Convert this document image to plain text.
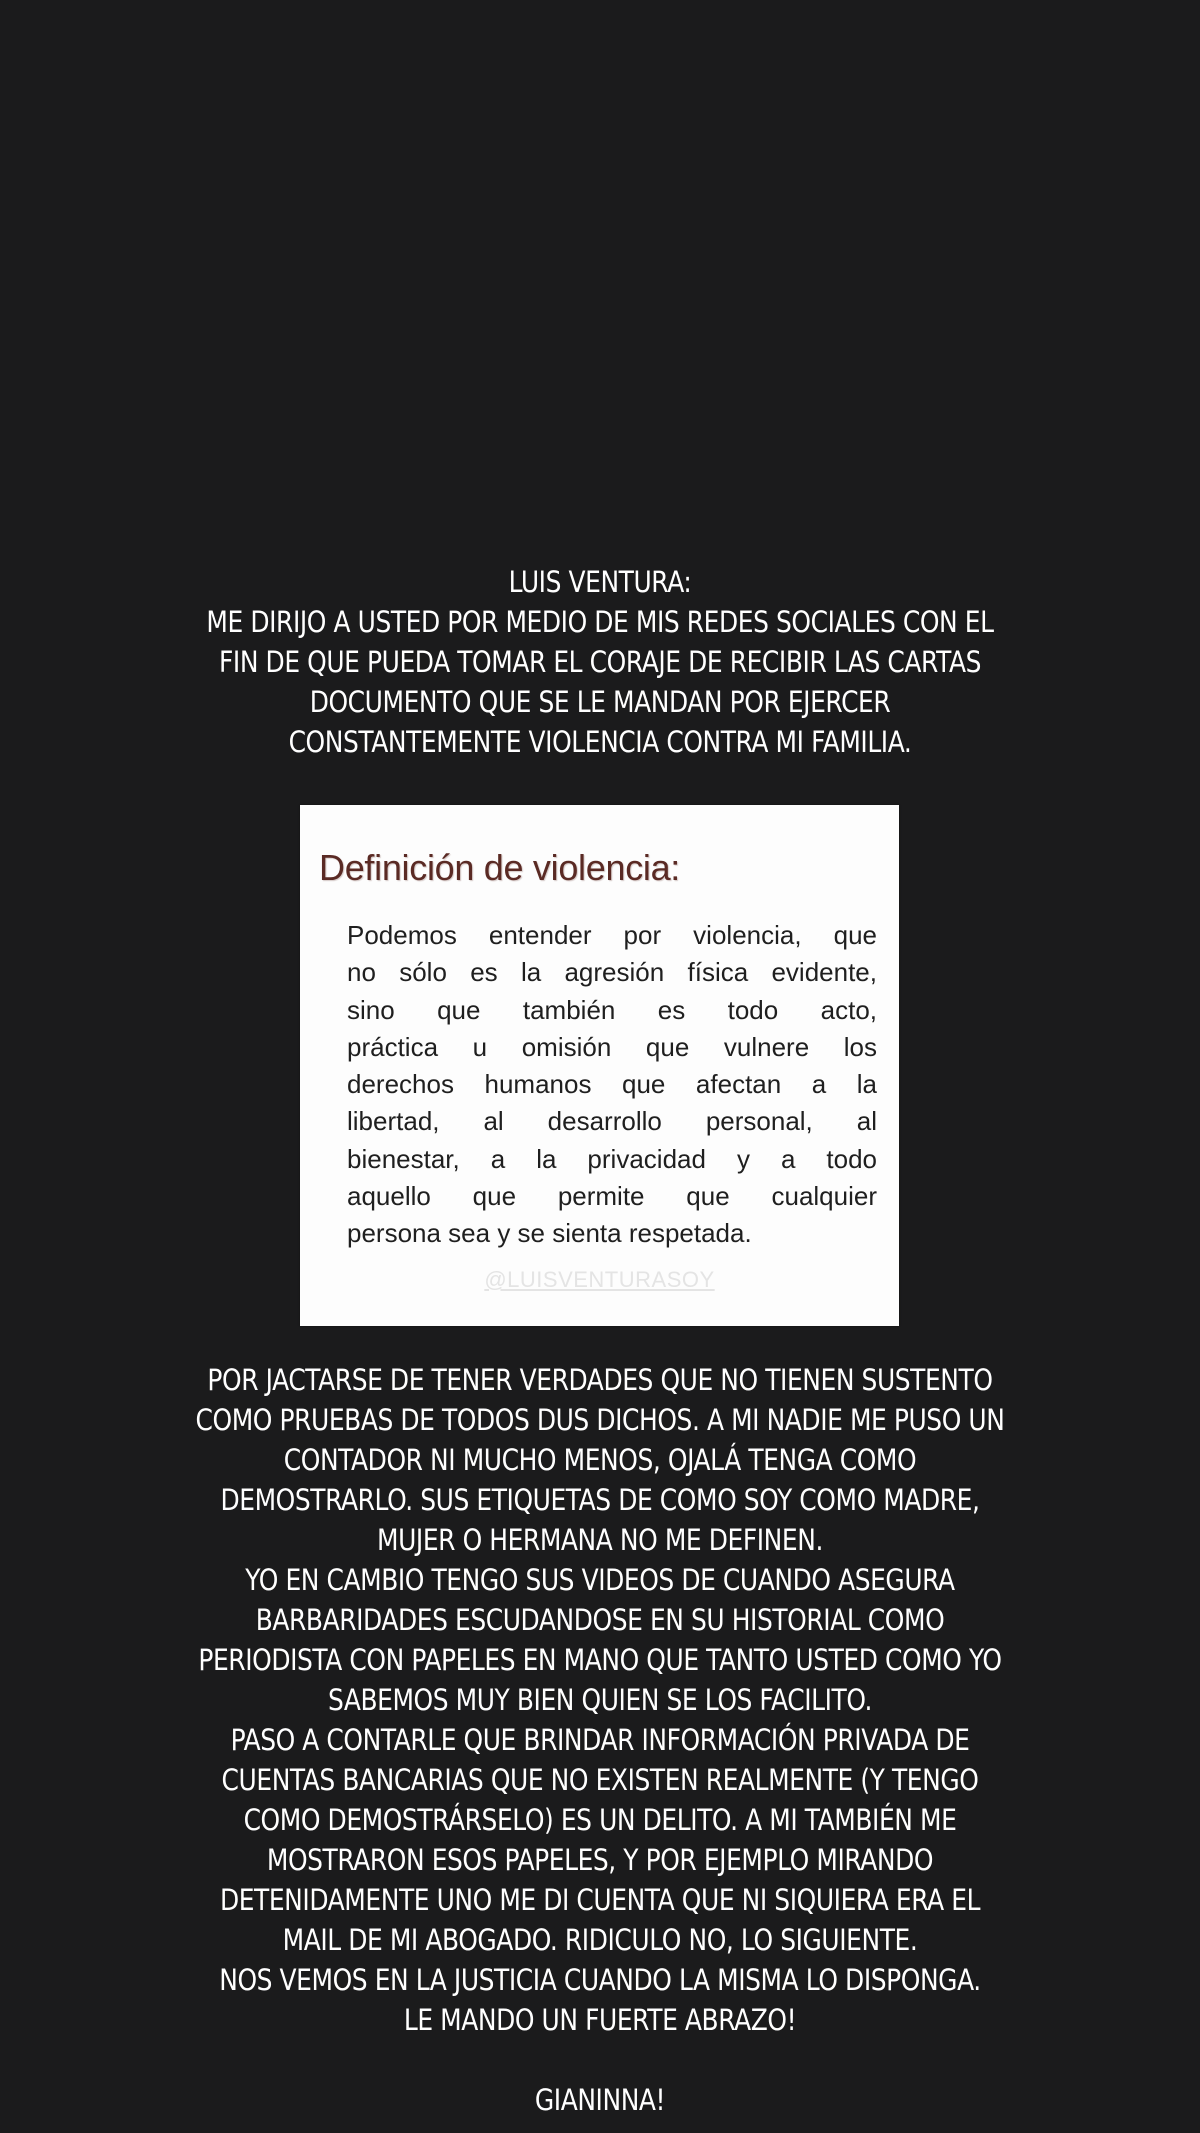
LUIS VENTURA:
ME DIRIJO A USTED POR MEDIO DE MIS REDES SOCIALES CON EL
FIN DE QUE PUEDA TOMAR EL CORAJE DE RECIBIR LAS CARTAS
DOCUMENTO QUE SE LE MANDAN POR EJERCER
CONSTANTEMENTE VIOLENCIA CONTRA MI FAMILIA.
Definición de violencia:
Podemos entender por violencia, que
no sólo es la agresión física evidente,
sino que también es todo acto,
práctica u omisión que vulnere los
derechos humanos que afectan a la
libertad, al desarrollo personal, al
bienestar, a la privacidad y a todo
aquello que permite que cualquier
persona sea y se sienta respetada.
@LUISVENTURASOY
POR JACTARSE DE TENER VERDADES QUE NO TIENEN SUSTENTO
COMO PRUEBAS DE TODOS DUS DICHOS. A MI NADIE ME PUSO UN
CONTADOR NI MUCHO MENOS, OJALÁ TENGA COMO
DEMOSTRARLO. SUS ETIQUETAS DE COMO SOY COMO MADRE,
MUJER O HERMANA NO ME DEFINEN.
YO EN CAMBIO TENGO SUS VIDEOS DE CUANDO ASEGURA
BARBARIDADES ESCUDANDOSE EN SU HISTORIAL COMO
PERIODISTA CON PAPELES EN MANO QUE TANTO USTED COMO YO
SABEMOS MUY BIEN QUIEN SE LOS FACILITO.
PASO A CONTARLE QUE BRINDAR INFORMACIÓN PRIVADA DE
CUENTAS BANCARIAS QUE NO EXISTEN REALMENTE (Y TENGO
COMO DEMOSTRÁRSELO) ES UN DELITO. A MI TAMBIÉN ME
MOSTRARON ESOS PAPELES, Y POR EJEMPLO MIRANDO
DETENIDAMENTE UNO ME DI CUENTA QUE NI SIQUIERA ERA EL
MAIL DE MI ABOGADO. RIDICULO NO, LO SIGUIENTE.
NOS VEMOS EN LA JUSTICIA CUANDO LA MISMA LO DISPONGA.
LE MANDO UN FUERTE ABRAZO!
GIANINNA!
